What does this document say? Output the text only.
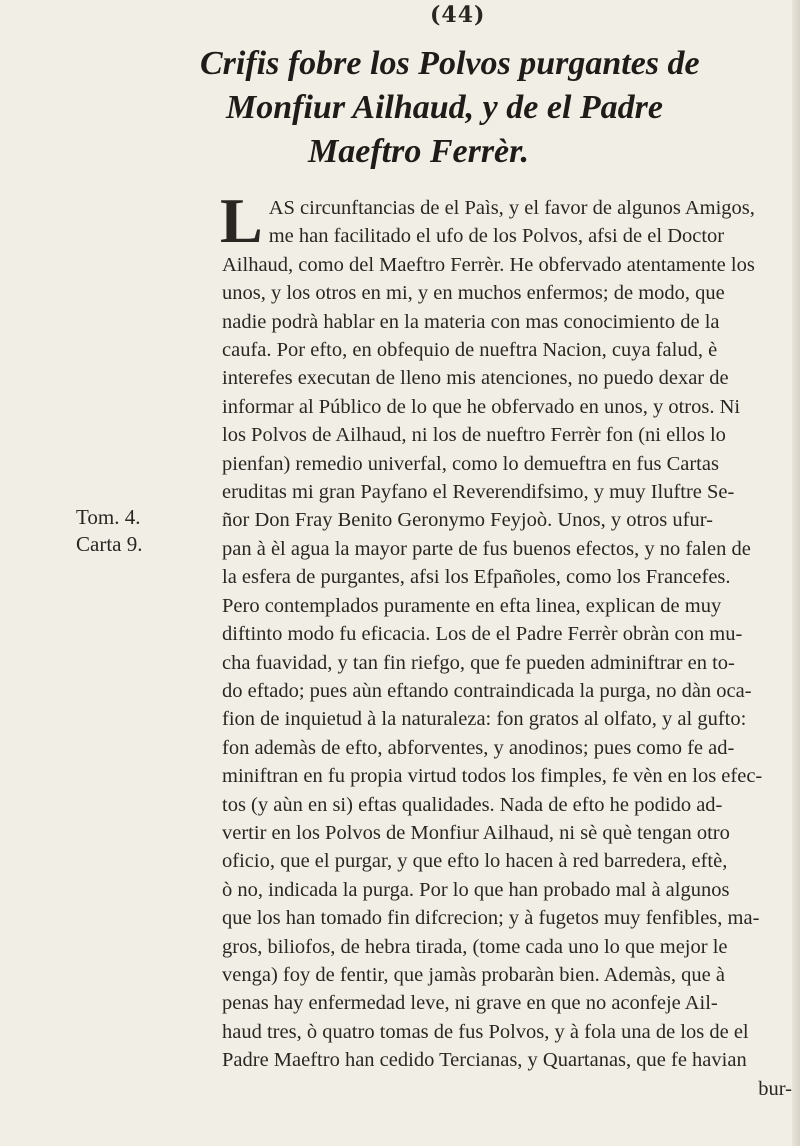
(44)
Crifis fobre los Polvos purgantes de
Monfiur Ailhaud, y de el Padre
Maeftro Ferrèr.
Tom. 4.
Carta 9.
L AS circunftancias de el Paìs, y el favor de algunos Amigos,
me han facilitado el ufo de los Polvos, afsi de el Doctor
Ailhaud, como del Maeftro Ferrèr. He obfervado atentamente los
unos, y los otros en mi, y en muchos enfermos; de modo, que
nadie podrà hablar en la materia con mas conocimiento de la
caufa. Por efto, en obfequio de nueftra Nacion, cuya falud, è
interefes executan de lleno mis atenciones, no puedo dexar de
informar al Público de lo que he obfervado en unos, y otros. Ni
los Polvos de Ailhaud, ni los de nueftro Ferrèr fon (ni ellos lo
pienfan) remedio univerfal, como lo demueftra en fus Cartas
eruditas mi gran Payfano el Reverendifsimo, y muy Iluftre Se-
ñor Don Fray Benito Geronymo Feyjoò. Unos, y otros ufur-
pan à èl agua la mayor parte de fus buenos efectos, y no falen de
la esfera de purgantes, afsi los Efpañoles, como los Francefes.
Pero contemplados puramente en efta linea, explican de muy
diftinto modo fu eficacia. Los de el Padre Ferrèr obràn con mu-
cha fuavidad, y tan fin riefgo, que fe pueden adminiftrar en to-
do eftado; pues aùn eftando contraindicada la purga, no dàn oca-
fion de inquietud à la naturaleza: fon gratos al olfato, y al gufto:
fon ademàs de efto, abforventes, y anodinos; pues como fe ad-
miniftran en fu propia virtud todos los fimples, fe vèn en los efec-
tos (y aùn en si) eftas qualidades. Nada de efto he podido ad-
vertir en los Polvos de Monfiur Ailhaud, ni sè què tengan otro
oficio, que el purgar, y que efto lo hacen à red barredera, eftè,
ò no, indicada la purga. Por lo que han probado mal à algunos
que los han tomado fin difcrecion; y à fugetos muy fenfibles, ma-
gros, biliofos, de hebra tirada, (tome cada uno lo que mejor le
venga) foy de fentir, que jamàs probaràn bien. Ademàs, que à
penas hay enfermedad leve, ni grave en que no aconfeje Ail-
haud tres, ò quatro tomas de fus Polvos, y à fola una de los de el
Padre Maeftro han cedido Tercianas, y Quartanas, que fe havian
bur-
